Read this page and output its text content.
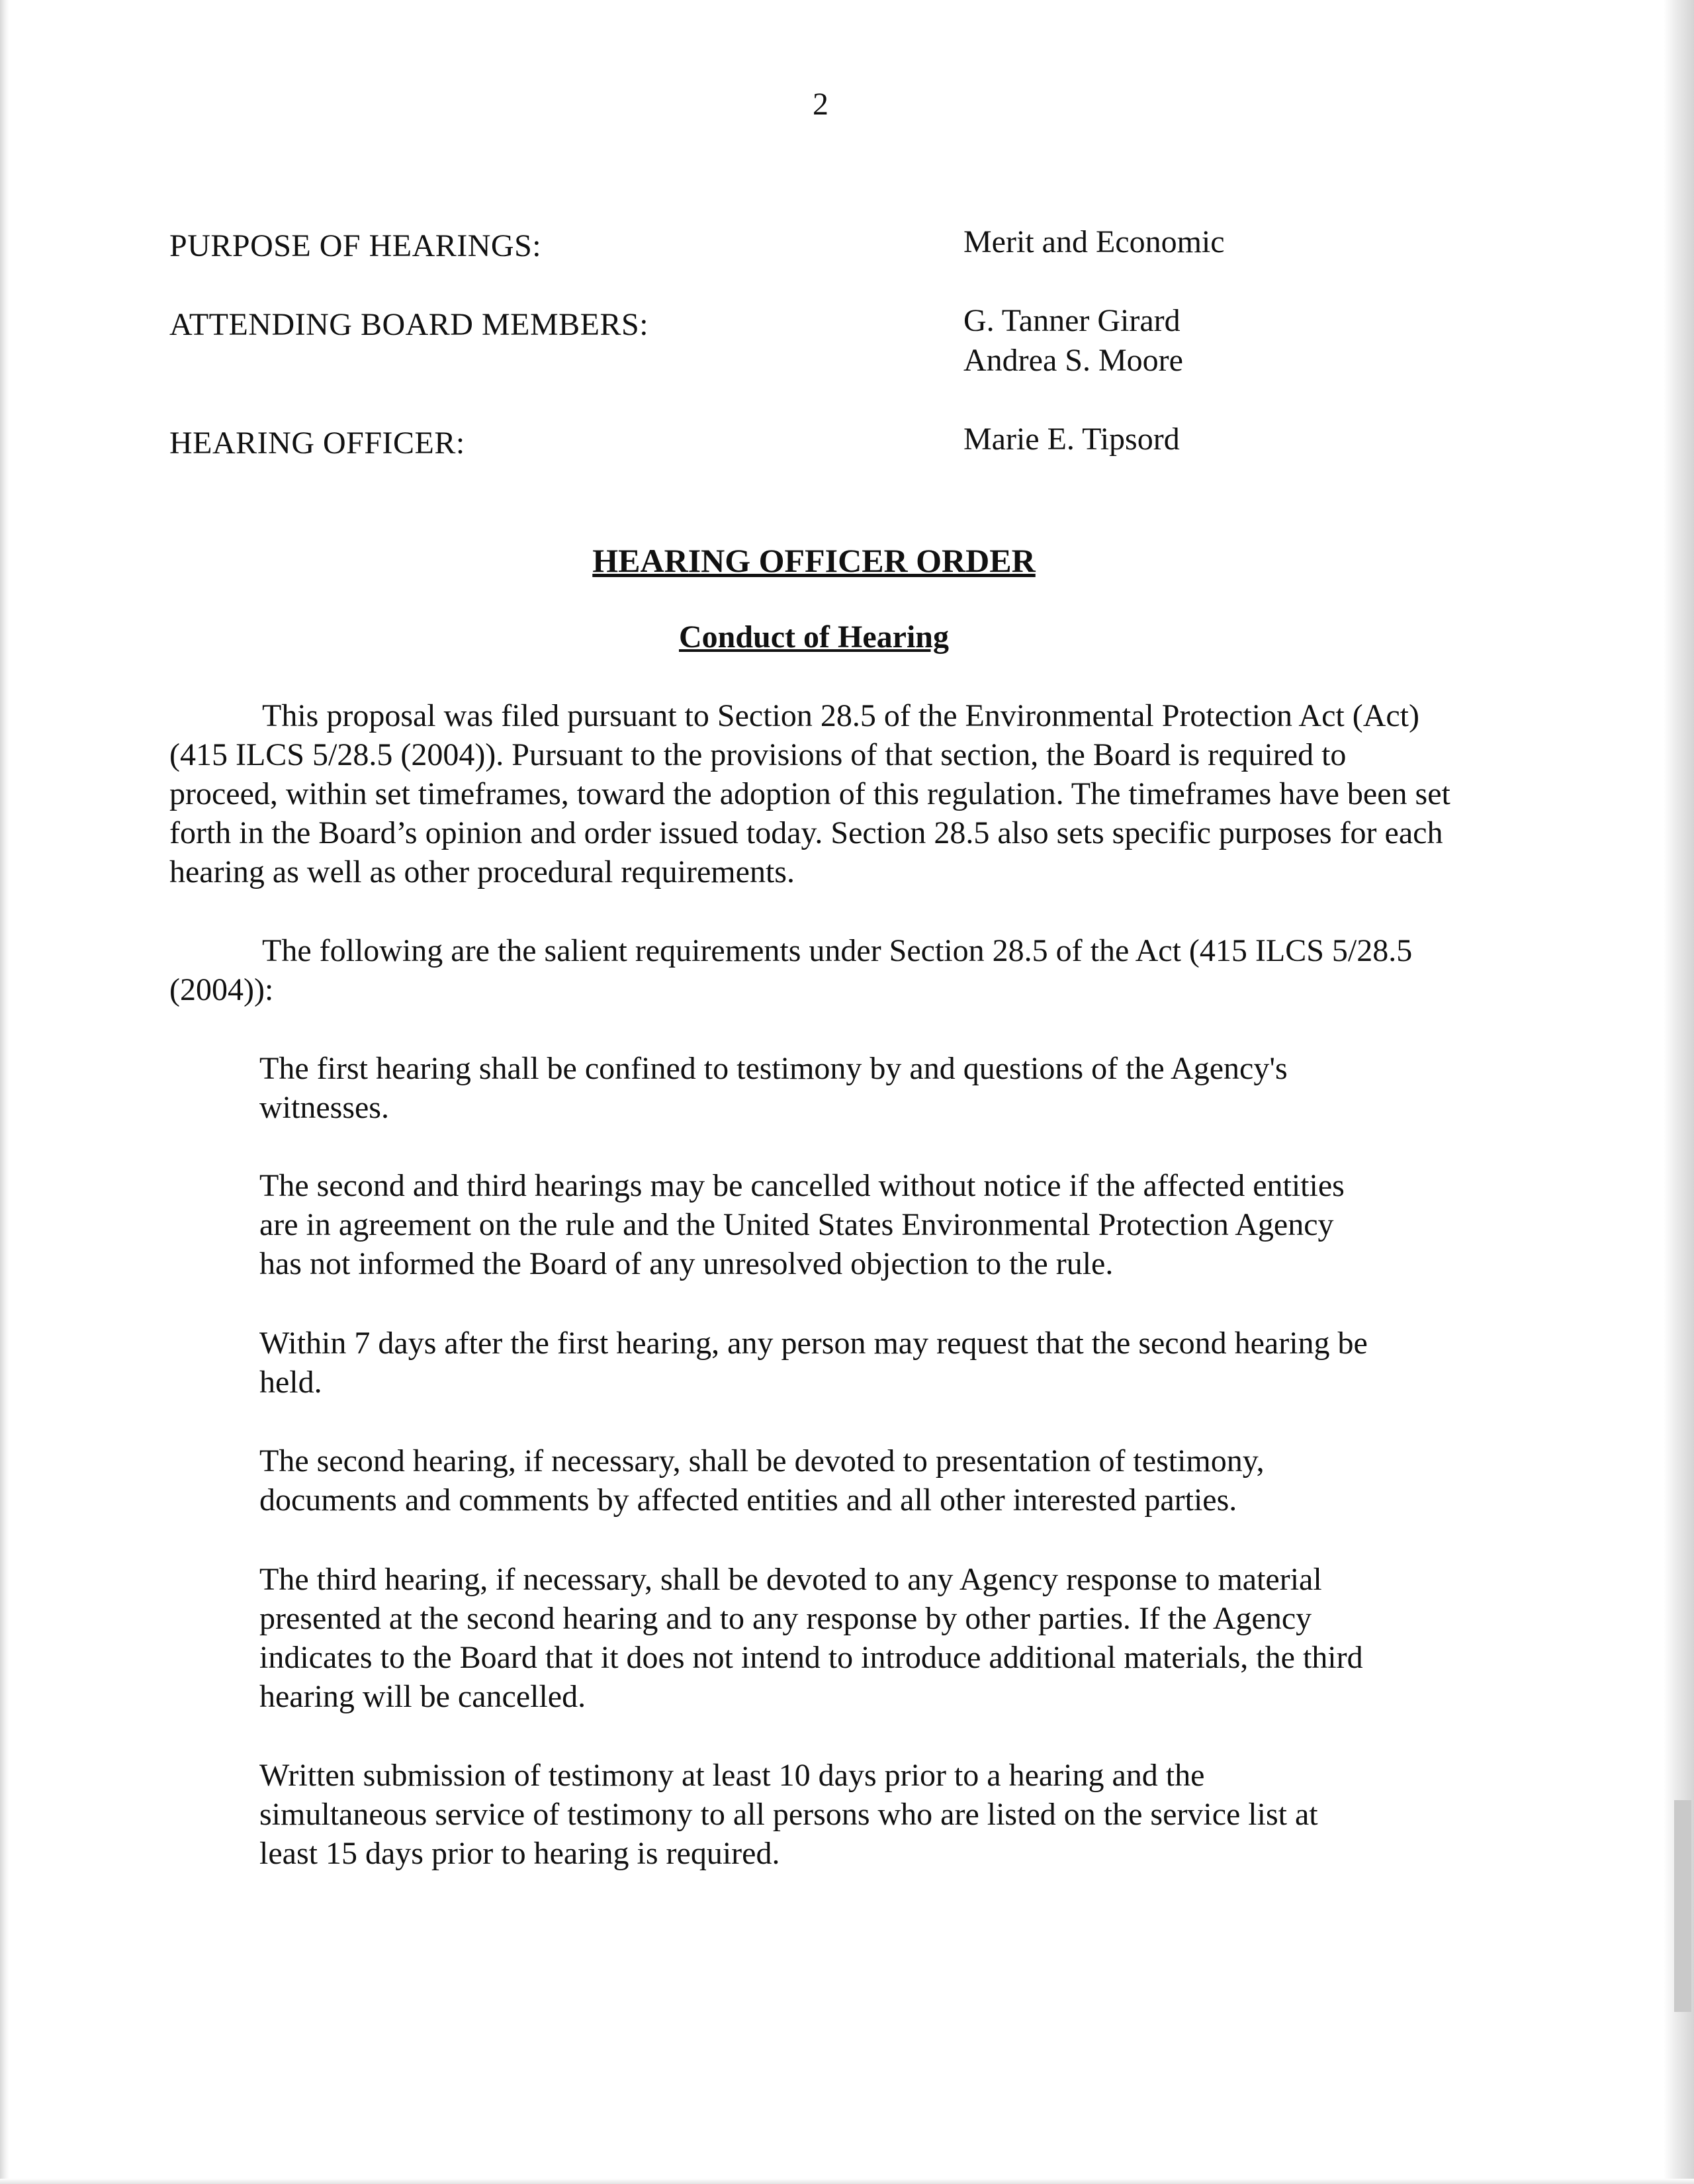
2
PURPOSE OF HEARINGS:	Merit and Economic
ATTENDING BOARD MEMBERS:	G. Tanner Girard
Andrea S. Moore
HEARING OFFICER:	Marie E. Tipsord
HEARING OFFICER ORDER
Conduct of Hearing
This proposal was filed pursuant to Section 28.5 of the Environmental Protection Act (Act) (415 ILCS 5/28.5 (2004)). Pursuant to the provisions of that section, the Board is required to proceed, within set timeframes, toward the adoption of this regulation. The timeframes have been set forth in the Board’s opinion and order issued today. Section 28.5 also sets specific purposes for each hearing as well as other procedural requirements.
The following are the salient requirements under Section 28.5 of the Act (415 ILCS 5/28.5 (2004)):
The first hearing shall be confined to testimony by and questions of the Agency's witnesses.
The second and third hearings may be cancelled without notice if the affected entities are in agreement on the rule and the United States Environmental Protection Agency has not informed the Board of any unresolved objection to the rule.
Within 7 days after the first hearing, any person may request that the second hearing be held.
The second hearing, if necessary, shall be devoted to presentation of testimony, documents and comments by affected entities and all other interested parties.
The third hearing, if necessary, shall be devoted to any Agency response to material presented at the second hearing and to any response by other parties. If the Agency indicates to the Board that it does not intend to introduce additional materials, the third hearing will be cancelled.
Written submission of testimony at least 10 days prior to a hearing and the simultaneous service of testimony to all persons who are listed on the service list at least 15 days prior to hearing is required.
